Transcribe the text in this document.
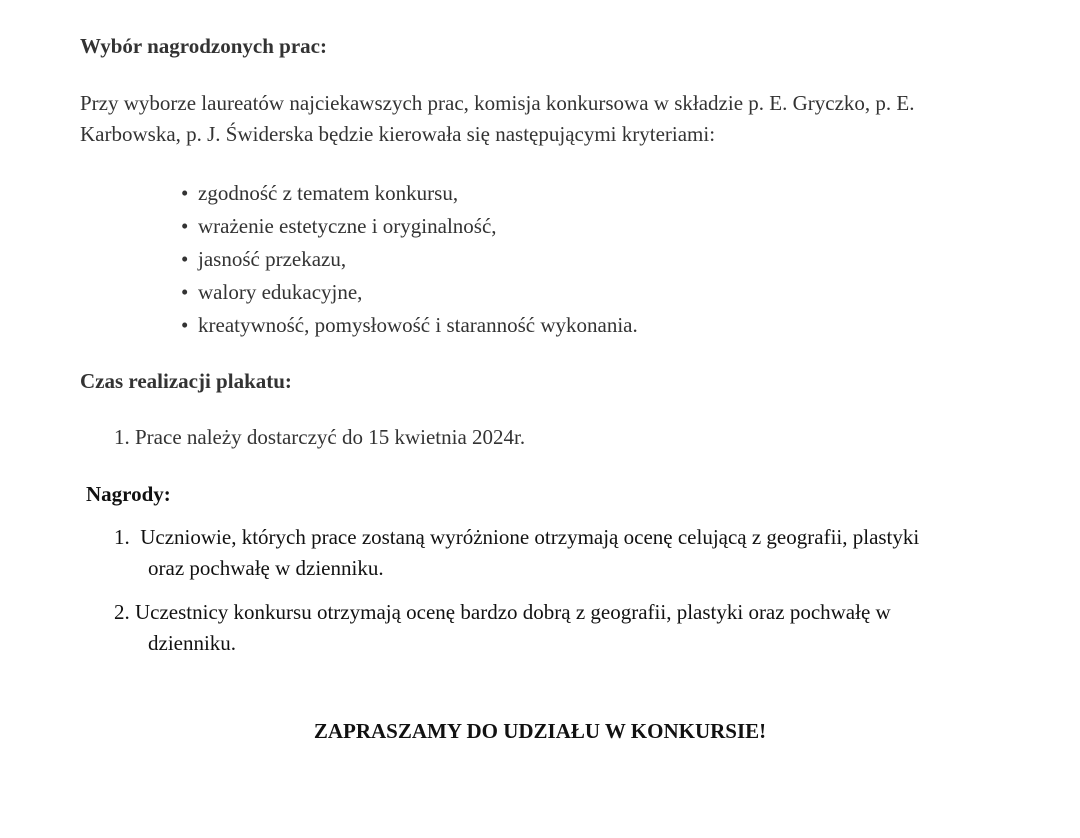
Wybór nagrodzonych prac:
Przy wyborze laureatów najciekawszych prac, komisja konkursowa w składzie p. E. Gryczko, p. E.
Karbowska, p. J. Świderska będzie kierowała się następującymi kryteriami:
• zgodność z tematem konkursu,
• wrażenie estetyczne i oryginalność,
• jasność przekazu,
• walory edukacyjne,
• kreatywność, pomysłowość i staranność wykonania.
Czas realizacji plakatu:
1. Prace należy dostarczyć do 15 kwietnia 2024r.
Nagrody:
1. Uczniowie, których prace zostaną wyróżnione otrzymają ocenę celującą z geografii, plastyki
oraz pochwałę w dzienniku.
2. Uczestnicy konkursu otrzymają ocenę bardzo dobrą z geografii, plastyki oraz pochwałę w
dzienniku.
ZAPRASZAMY DO UDZIAŁU W KONKURSIE!
